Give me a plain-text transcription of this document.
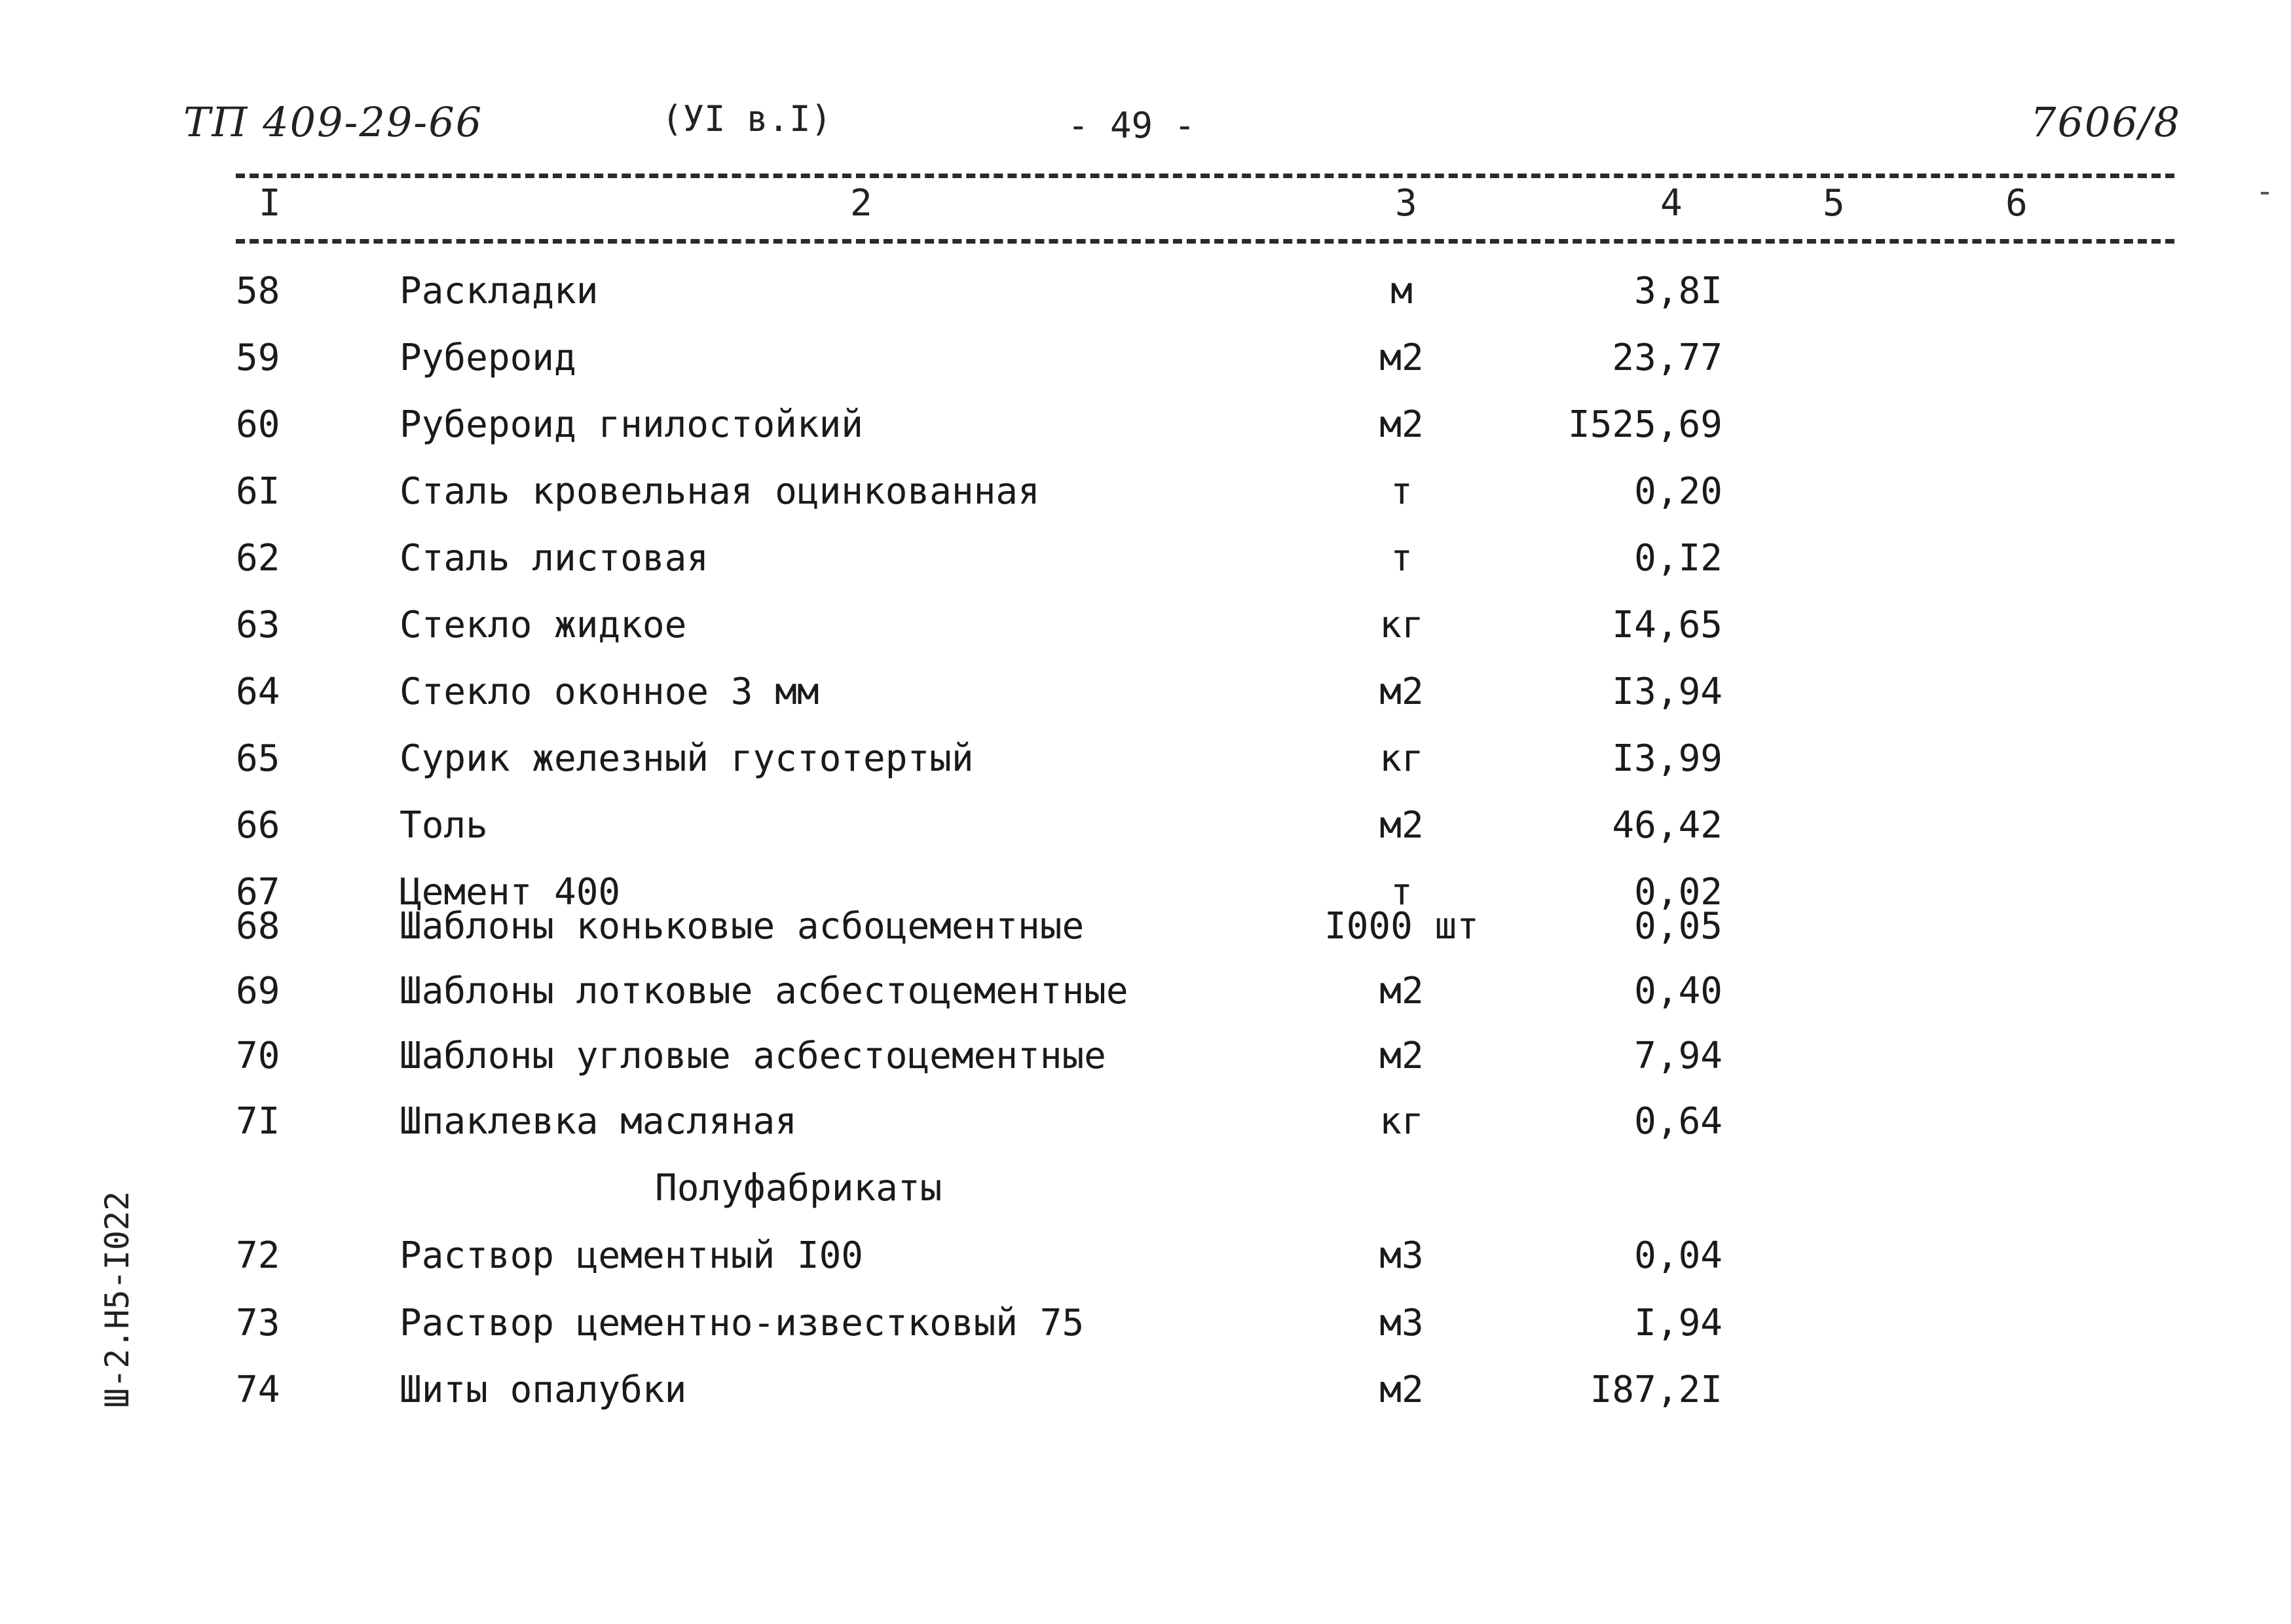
ТП 409-29-66	(УI в.I)	- 49 -	7606/8
I	2	3	4	5	6
58	Раскладки	м	3,8I
59	Рубероид	м2	23,77
60	Рубероид гнилостойкий	м2	I525,69
6I	Сталь кровельная оцинкованная	т	0,20
62	Сталь листовая	т	0,I2
63	Стекло жидкое	кг	I4,65
64	Стекло оконное 3 мм	м2	I3,94
65	Сурик железный густотертый	кг	I3,99
66	Толь	м2	46,42
67	Цемент 400	т	0,02
68	Шаблоны коньковые асбоцементные	I000 шт	0,05
69	Шаблоны лотковые асбестоцементные	м2	0,40
70	Шаблоны угловые асбестоцементные	м2	7,94
7I	Шпаклевка масляная	кг	0,64
Полуфабрикаты
72	Раствор цементный I00	м3	0,04
73	Раствор цементно-известковый 75	м3	I,94
74	Шиты опалубки	м2	I87,2I
Ш-2.Н5-I022
